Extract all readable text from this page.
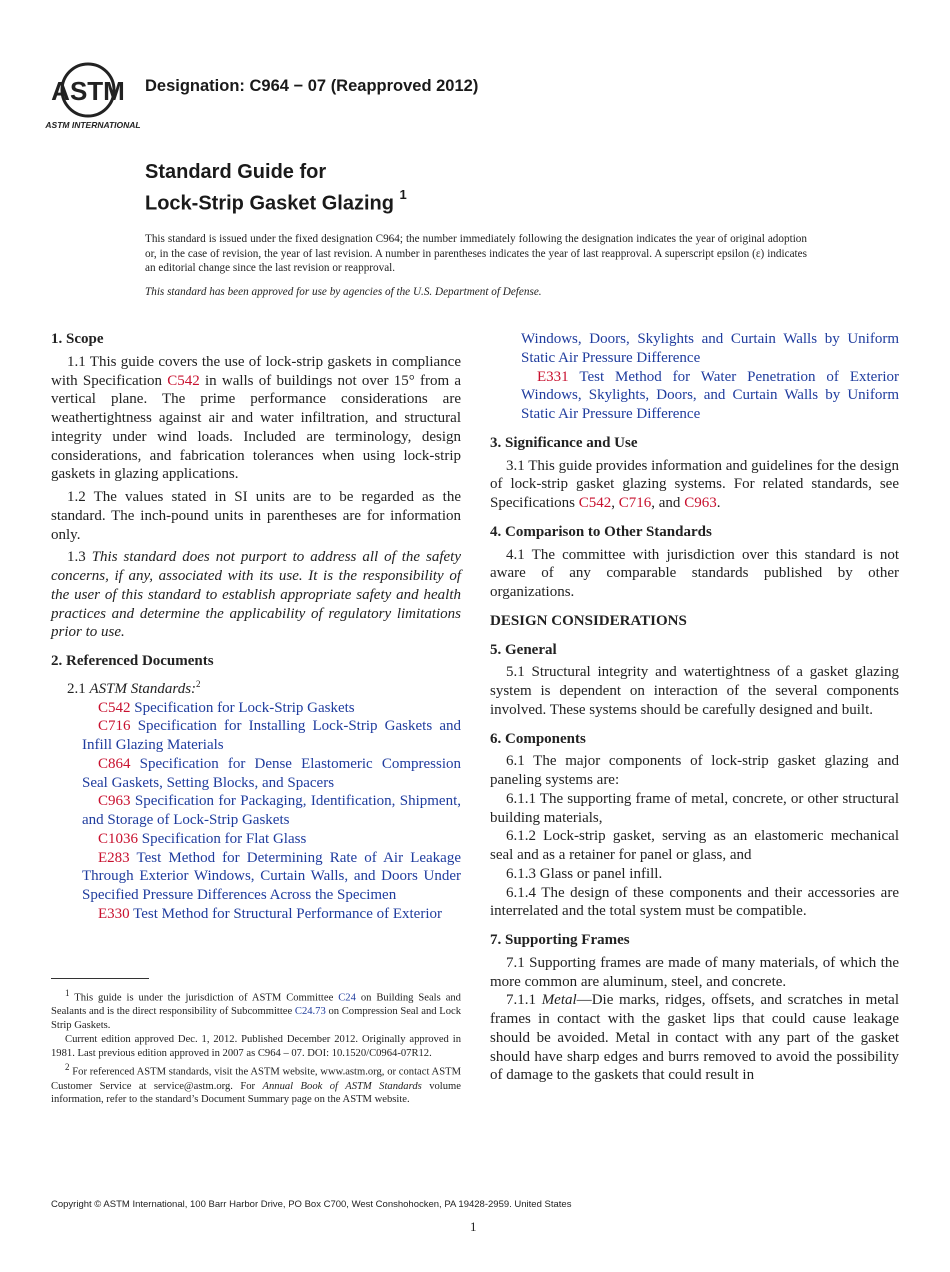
ASTM
ASTM INTERNATIONAL
Designation: C964 − 07 (Reapproved 2012)
Standard Guide for
Lock-Strip Gasket Glazing $^1$

This standard is issued under the fixed designation C964; the number immediately following the designation indicates the year of original adoption or, in the case of revision, the year of last revision. A number in parentheses indicates the year of last reapproval. A superscript epsilon (ε) indicates an editorial change since the last revision or reapproval.

This standard has been approved for use by agencies of the U.S. Department of Defense.
1. Scope

1.1 This guide covers the use of lock-strip gaskets in compliance with Specification C542 in walls of buildings not over 15° from a vertical plane. The prime performance considerations are weathertightness against air and water infiltration, and structural integrity under wind loads. Included are terminology, design considerations, and fabrication tolerances when using lock-strip gaskets in glazing applications.

1.2 The values stated in SI units are to be regarded as the standard. The inch-pound units in parentheses are for information only.

1.3 This standard does not purport to address all of the safety concerns, if any, associated with its use. It is the responsibility of the user of this standard to establish appropriate safety and health practices and determine the applicability of regulatory limitations prior to use.

2. Referenced Documents

2.1 ASTM Standards:$^2$

C542 Specification for Lock-Strip Gaskets

C716 Specification for Installing Lock-Strip Gaskets and Infill Glazing Materials

C864 Specification for Dense Elastomeric Compression Seal Gaskets, Setting Blocks, and Spacers

C963 Specification for Packaging, Identification, Shipment, and Storage of Lock-Strip Gaskets

C1036 Specification for Flat Glass

E283 Test Method for Determining Rate of Air Leakage Through Exterior Windows, Curtain Walls, and Doors Under Specified Pressure Differences Across the Specimen

E330 Test Method for Structural Performance of Exterior

Windows, Doors, Skylights and Curtain Walls by Uniform Static Air Pressure Difference

E331 Test Method for Water Penetration of Exterior Windows, Skylights, Doors, and Curtain Walls by Uniform Static Air Pressure Difference

3. Significance and Use

3.1 This guide provides information and guidelines for the design of lock-strip gasket glazing systems. For related standards, see Specifications C542, C716, and C963.

4. Comparison to Other Standards

4.1 The committee with jurisdiction over this standard is not aware of any comparable standards published by other organizations.

DESIGN CONSIDERATIONS

5. General

5.1 Structural integrity and watertightness of a gasket glazing system is dependent on interaction of the several components involved. These systems should be carefully designed and built.

6. Components

6.1 The major components of lock-strip gasket glazing and paneling systems are:

6.1.1 The supporting frame of metal, concrete, or other structural building materials,

6.1.2 Lock-strip gasket, serving as an elastomeric mechanical seal and as a retainer for panel or glass, and

6.1.3 Glass or panel infill.

6.1.4 The design of these components and their accessories are interrelated and the total system must be compatible.

7. Supporting Frames

7.1 Supporting frames are made of many materials, of which the more common are aluminum, steel, and concrete.

7.1.1 Metal—Die marks, ridges, offsets, and scratches in metal frames in contact with the gasket lips that could cause leakage should be avoided. Metal in contact with any part of the gasket should have sharp edges and burrs removed to avoid the possibility of damage to the gaskets that could result in

$^1$ This guide is under the jurisdiction of ASTM Committee C24 on Building Seals and Sealants and is the direct responsibility of Subcommittee C24.73 on Compression Seal and Lock Strip Gaskets.

Current edition approved Dec. 1, 2012. Published December 2012. Originally approved in 1981. Last previous edition approved in 2007 as C964 – 07. DOI: 10.1520/C0964-07R12.

$^2$ For referenced ASTM standards, visit the ASTM website, www.astm.org, or contact ASTM Customer Service at service@astm.org. For Annual Book of ASTM Standards volume information, refer to the standard’s Document Summary page on the ASTM website.

Copyright © ASTM International, 100 Barr Harbor Drive, PO Box C700, West Conshohocken, PA 19428-2959. United States
1
